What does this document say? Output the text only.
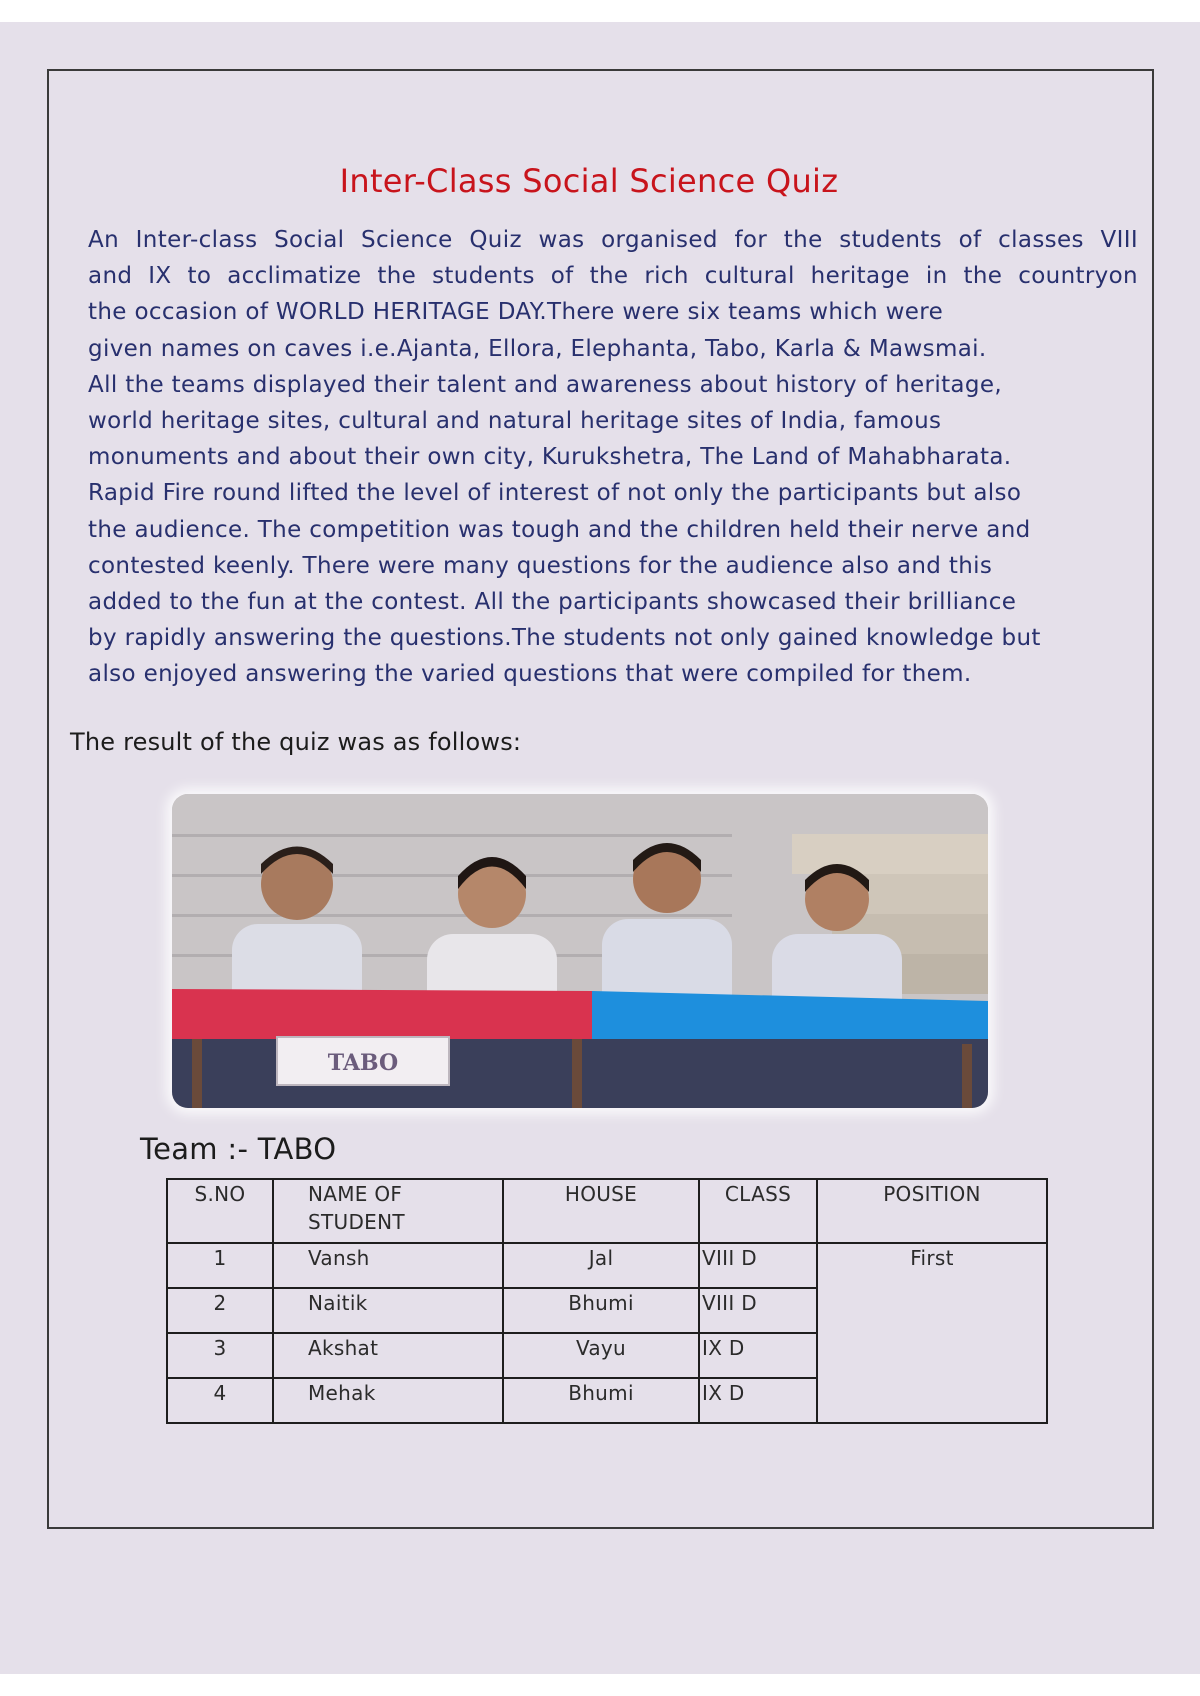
Inter-Class Social Science Quiz
An Inter-class Social Science Quiz was organised for the students of classes VIII
and IX to acclimatize the students of the rich cultural heritage in the countryon
the occasion of WORLD HERITAGE DAY.There were six teams which were
given names on caves i.e.Ajanta, Ellora, Elephanta, Tabo, Karla & Mawsmai.
All the teams displayed their talent and awareness about history of heritage,
world heritage sites, cultural and natural heritage sites of India, famous
monuments and about their own city, Kurukshetra, The Land of Mahabharata.
Rapid Fire round lifted the level of interest of not only the participants but also
the audience. The competition was tough and the children held their nerve and
contested keenly. There were many questions for the audience also and this
added to the fun at the contest. All the participants showcased their brilliance
by rapidly answering the questions.The students not only gained knowledge but
also enjoyed answering the varied questions that were compiled for them.
The result of the quiz was as follows:
TABO
Team :- TABO
S.NO	NAME OF STUDENT	HOUSE	CLASS	POSITION
1	Vansh	Jal	VIII D	First
2	Naitik	Bhumi	VIII D	
3	Akshat	Vayu	IX D	
4	Mehak	Bhumi	IX D	
